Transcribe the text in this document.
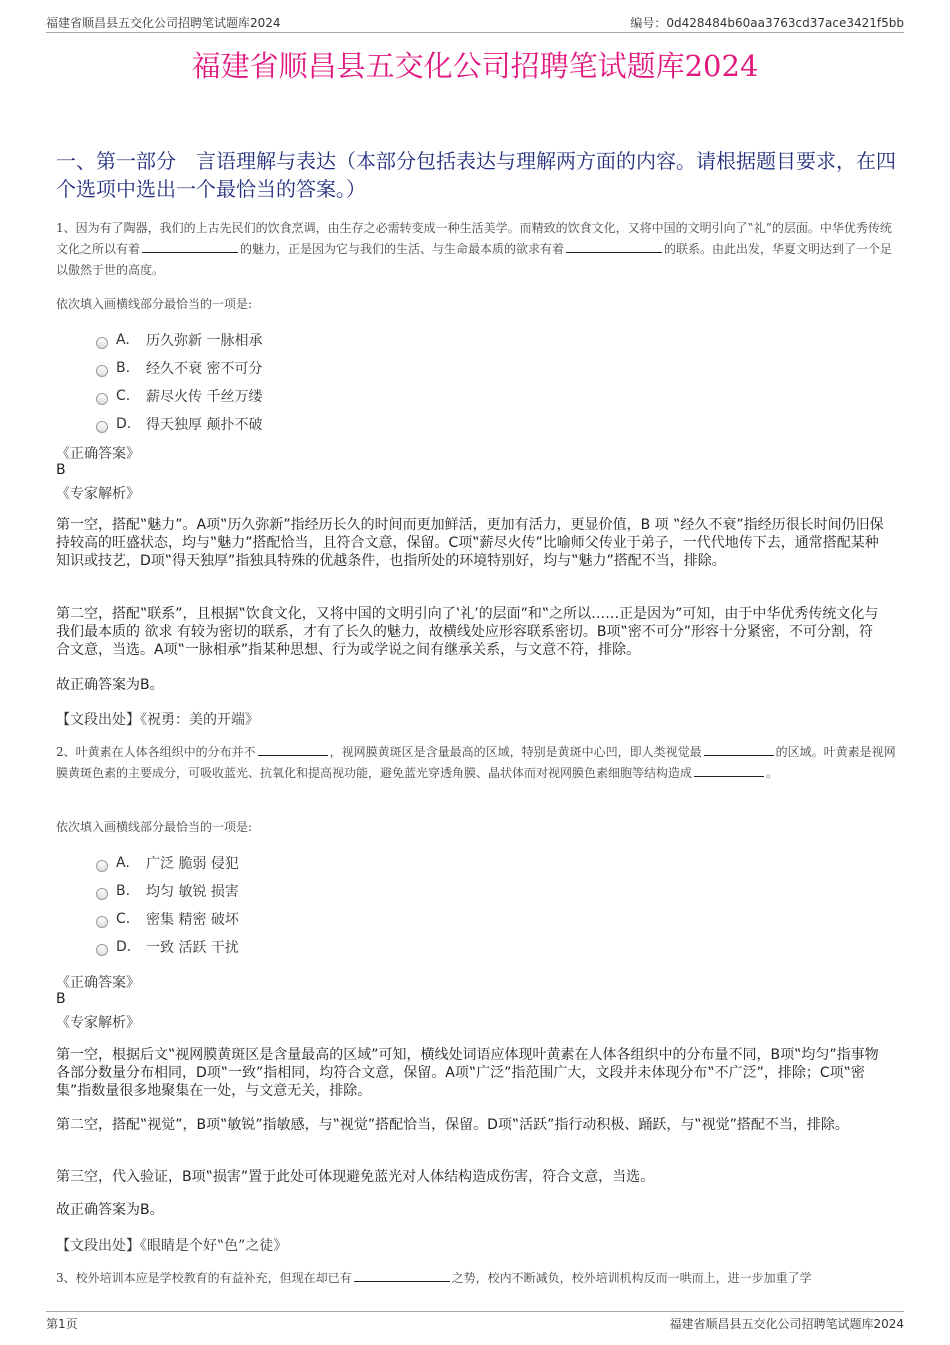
福建省顺昌县五交化公司招聘笔试题库2024	编号：0d428484b60aa3763cd37ace3421f5bb
福建省顺昌县五交化公司招聘笔试题库2024
一、第一部分　言语理解与表达（本部分包括表达与理解两方面的内容。请根据题目要求，在四个选项中选出一个最恰当的答案。）
1、因为有了陶器，我们的上古先民们的饮食烹调，由生存之必需转变成一种生活美学。而精致的饮食文化，又将中国的文明引向了‟礼”的层面。中华优秀传统文化之所以有着	的魅力，正是因为它与我们的生活、与生命最本质的欲求有着	的联系。由此出发，华夏文明达到了一个足以傲然于世的高度。
依次填入画横线部分最恰当的一项是:
A.	历久弥新 一脉相承
B.	经久不衰 密不可分
C.	薪尽火传 千丝万缕
D.	得天独厚 颠扑不破
《正确答案》
B
《专家解析》
第一空，搭配‟魅力”。A项‟历久弥新”指经历长久的时间而更加鲜活，更加有活力，更显价值，B 项 ‟经久不衰”指经历很长时间仍旧保持较高的旺盛状态，均与‟魅力”搭配恰当，且符合文意，保留。C项‟薪尽火传”比喻师父传业于弟子，一代代地传下去，通常搭配某种知识或技艺，D项‟得天独厚”指独具特殊的优越条件，也指所处的环境特别好，均与‟魅力”搭配不当，排除。
第二空，搭配‟联系”，且根据‟饮食文化，又将中国的文明引向了‛礼’的层面”和‟之所以……正是因为”可知，由于中华优秀传统文化与我们最本质的 欲求 有较为密切的联系，才有了长久的魅力，故横线处应形容联系密切。B项‟密不可分”形容十分紧密，不可分割，符合文意，当选。A项‟一脉相承”指某种思想、行为或学说之间有继承关系，与文意不符，排除。
故正确答案为B。
【文段出处】《祝勇：美的开端》
2、叶黄素在人体各组织中的分布并不	，视网膜黄斑区是含量最高的区域，特别是黄斑中心凹，即人类视觉最	的区域。叶黄素是视网膜黄斑色素的主要成分，可吸收蓝光、抗氧化和提高视功能，避免蓝光穿透角膜、晶状体而对视网膜色素细胞等结构造成	。
依次填入画横线部分最恰当的一项是:
A.	广泛 脆弱 侵犯
B.	均匀 敏锐 损害
C.	密集 精密 破坏
D.	一致 活跃 干扰
《正确答案》
B
《专家解析》
第一空，根据后文‟视网膜黄斑区是含量最高的区域”可知，横线处词语应体现叶黄素在人体各组织中的分布量不同，B项‟均匀”指事物各部分数量分布相同，D项‟一致”指相同，均符合文意，保留。A项‟广泛”指范围广大，文段并未体现分布‟不广泛”，排除；C项‟密集”指数量很多地聚集在一处，与文意无关，排除。
第二空，搭配‟视觉”，B项‟敏锐”指敏感，与‟视觉”搭配恰当，保留。D项‟活跃”指行动积极、踊跃，与‟视觉”搭配不当，排除。
第三空，代入验证，B项‟损害”置于此处可体现避免蓝光对人体结构造成伤害，符合文意，当选。
故正确答案为B。
【文段出处】《眼睛是个好‟色”之徒》
3、校外培训本应是学校教育的有益补充，但现在却已有	之势，校内不断减负，校外培训机构反而一哄而上，进一步加重了学
第1页	福建省顺昌县五交化公司招聘笔试题库2024
